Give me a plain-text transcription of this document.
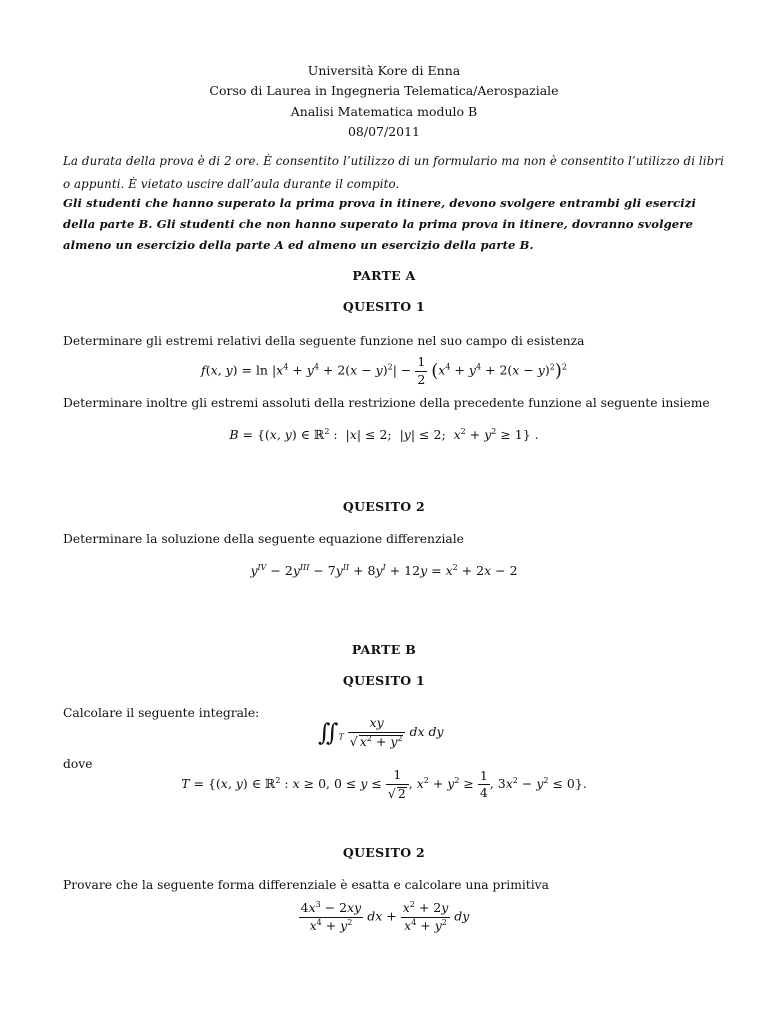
Università Kore di Enna
Corso di Laurea in Ingegneria Telematica/Aerospaziale
Analisi Matematica modulo B
08/07/2011
La durata della prova è di 2 ore. È consentito l’utilizzo di un formulario ma non è consentito l’utilizzo di libri
o appunti. È vietato uscire dall’aula durante il compito.
Gli studenti che hanno superato la prima prova in itinere, devono svolgere entrambi gli esercizi
della parte B. Gli studenti che non hanno superato la prima prova in itinere, dovranno svolgere
almeno un esercizio della parte A ed almeno un esercizio della parte B.
PARTE A
QUESITO 1
Determinare gli estremi relativi della seguente funzione nel suo campo di esistenza
f(x, $y) = \ln |x^4 + y^4 + 2(x - y)^2| - \frac{1}{2} (x^4 + y^4 + 2(x - y)^2)^2$
Determinare inoltre gli estremi assoluti della restrizione della precedente funzione al seguente insieme
B = {(x, y) ∈ ℝ$^2$ :  |x| ≤ 2;  |y| ≤ 2;  $x^2 + y^2 \ge 1$} .
QUESITO 2
Determinare la soluzione della seguente equazione differenziale
$y^{IV} - 2y^{III} - 7y^{II} + 8y^I + 12y = x^2 + 2x - 2$
PARTE B
QUESITO 1
Calcolare il seguente integrale:
$∬_T \frac{xy}{√ x^2 + y^2}$ dx dy
dove
T = {(x, y) ∈ ℝ$^2$ : x ≥ 0, $0 \le y \le \frac{1}{√ 2}$ , $x^2 + y^2 \ge \frac{1}{4}$ , $3x^2 - y^2 \le 0$}.
QUESITO 2
Provare che la seguente forma differenziale è esatta e calcolare una primitiva
$\frac{4x^3 - 2xy}{x^4 + y^2}$ dx + $\frac{x^2 + 2y}{x^4 + y^2}$ dy
